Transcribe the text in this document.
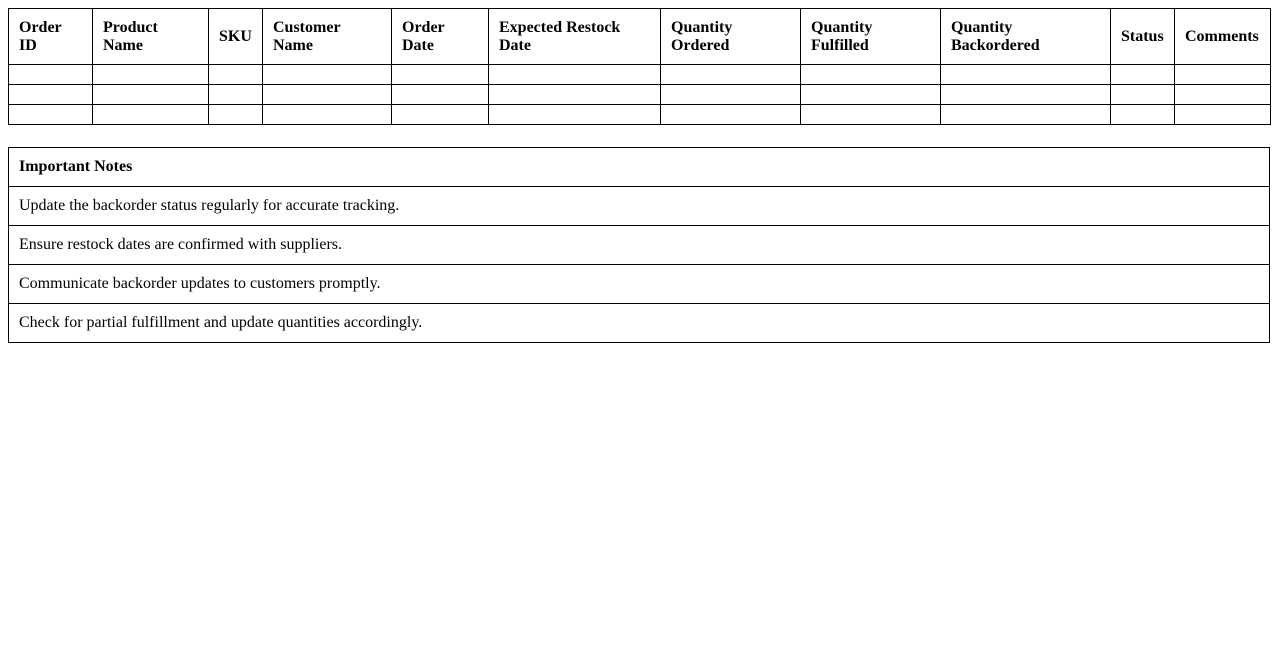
Order ID	Product Name	SKU	Customer Name	Order Date	Expected Restock Date	Quantity Ordered	Quantity Fulfilled	Quantity Backordered	Status	Comments

Important Notes
Update the backorder status regularly for accurate tracking.
Ensure restock dates are confirmed with suppliers.
Communicate backorder updates to customers promptly.
Check for partial fulfillment and update quantities accordingly.
